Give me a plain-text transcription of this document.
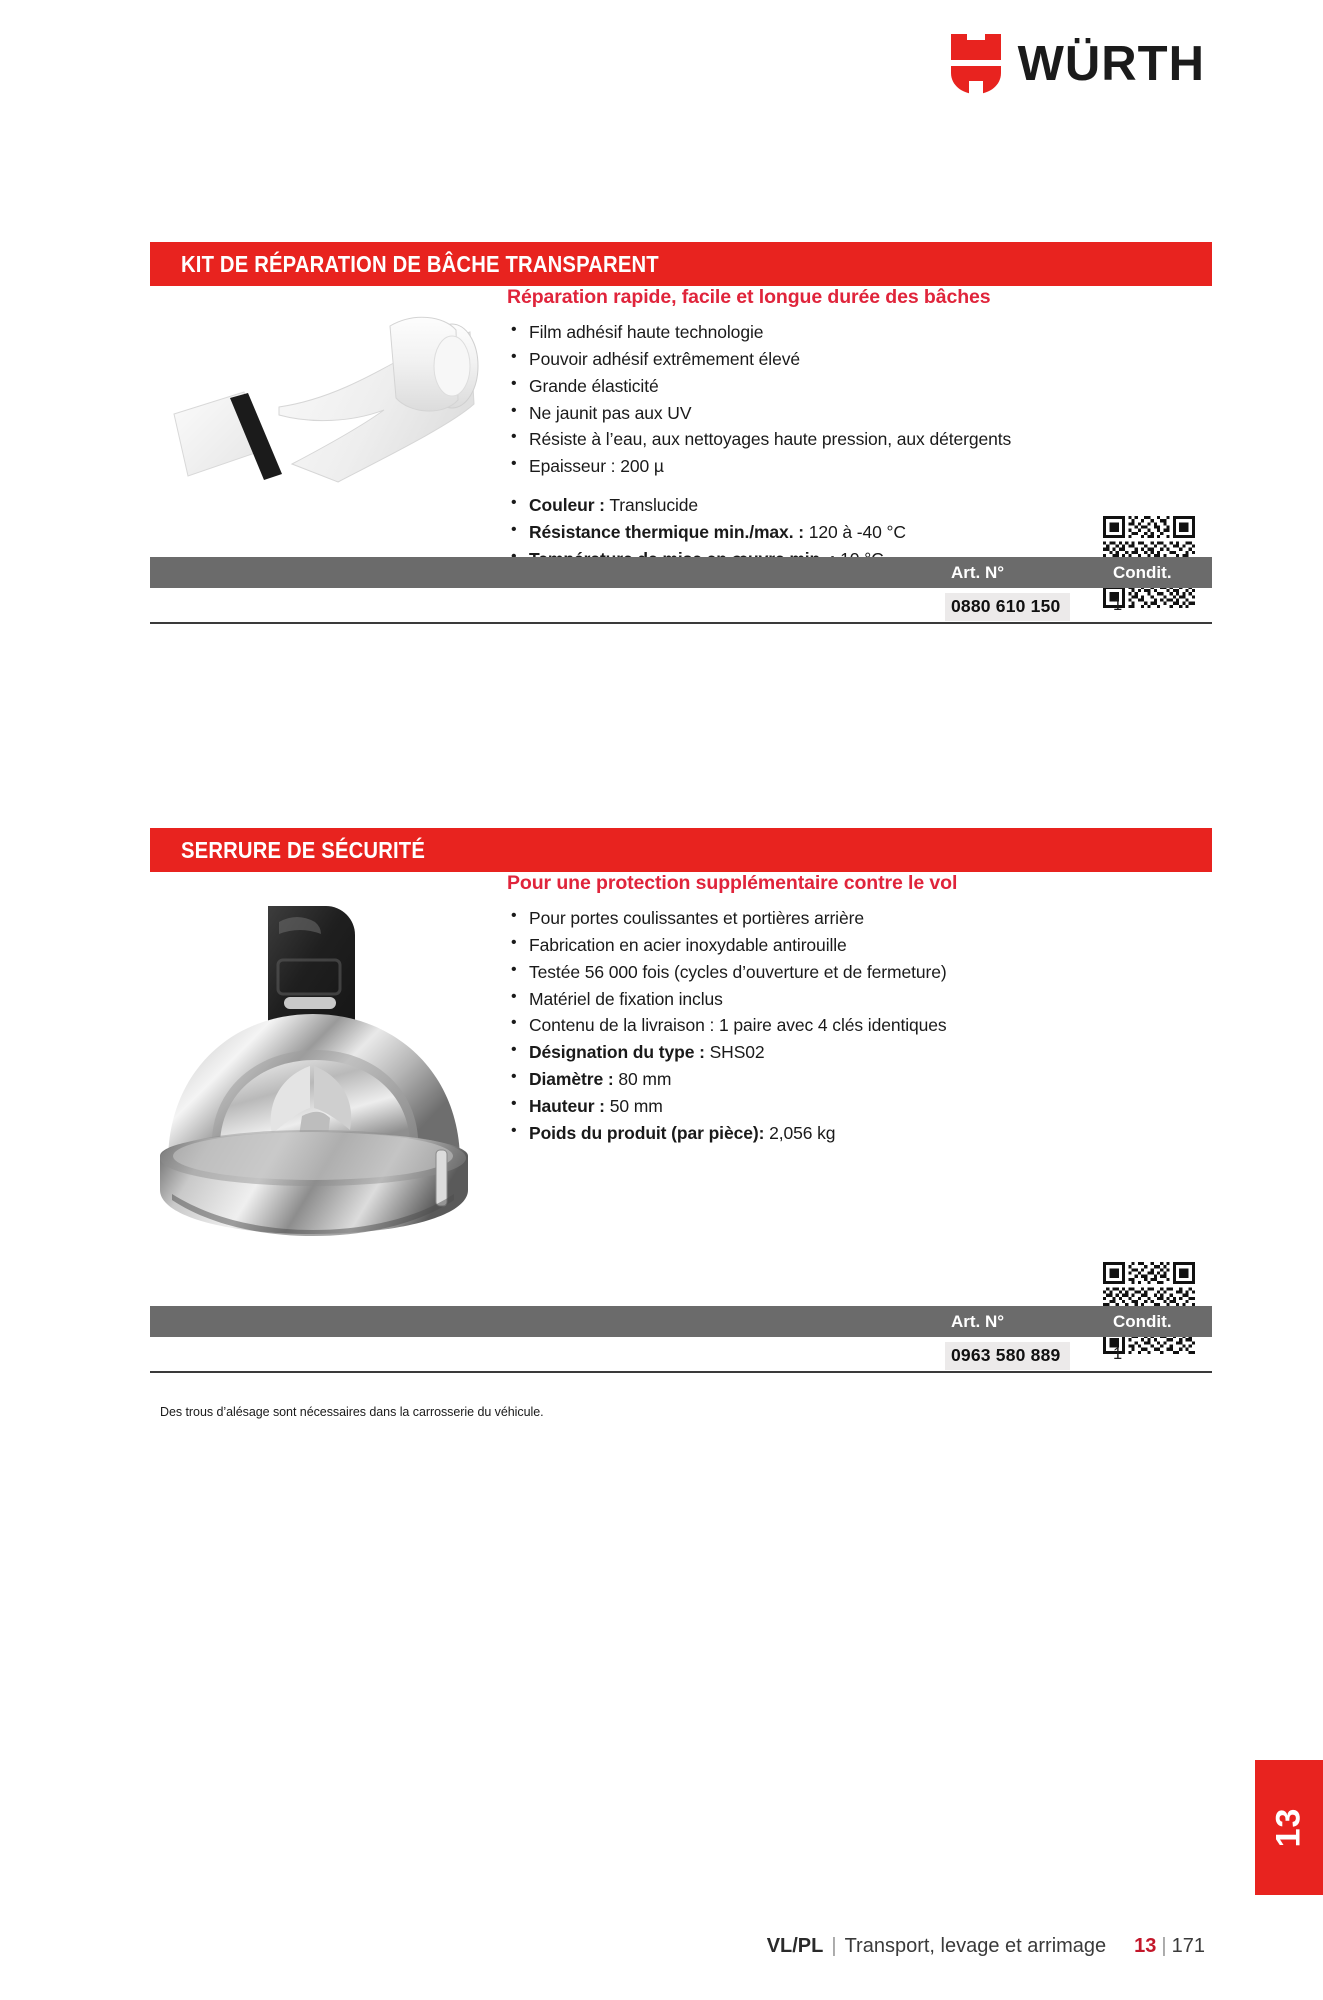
WÜRTH
KIT DE RÉPARATION DE BÂCHE TRANSPARENT
Réparation rapide, facile et longue durée des bâches
• Film adhésif haute technologie
• Pouvoir adhésif extrêmement élevé
• Grande élasticité
• Ne jaunit pas aux UV
• Résiste à l’eau, aux nettoyages haute pression, aux détergents
• Epaisseur : 200 µ
• Couleur : Translucide
• Résistance thermique min./max. : 120 à -40 °C
•
Art. N°	Condit.
0880 610 150	1
SERRURE DE SÉCURITÉ
Pour une protection supplémentaire contre le vol
• Pour portes coulissantes et portières arrière
• Fabrication en acier inoxydable antirouille
• Testée 56 000 fois (cycles d’ouverture et de fermeture)
• Matériel de fixation inclus
• Contenu de la livraison : 1 paire avec 4 clés identiques
• Désignation du type : SHS02
• Diamètre : 80 mm
• Hauteur : 50 mm
• Poids du produit (par pièce): 2,056 kg
Art. N°	Condit.
0963 580 889	1
Des trous d’alésage sont nécessaires dans la carrosserie du véhicule.
13
VL/PL | Transport, levage et arrimage 13 | 171
